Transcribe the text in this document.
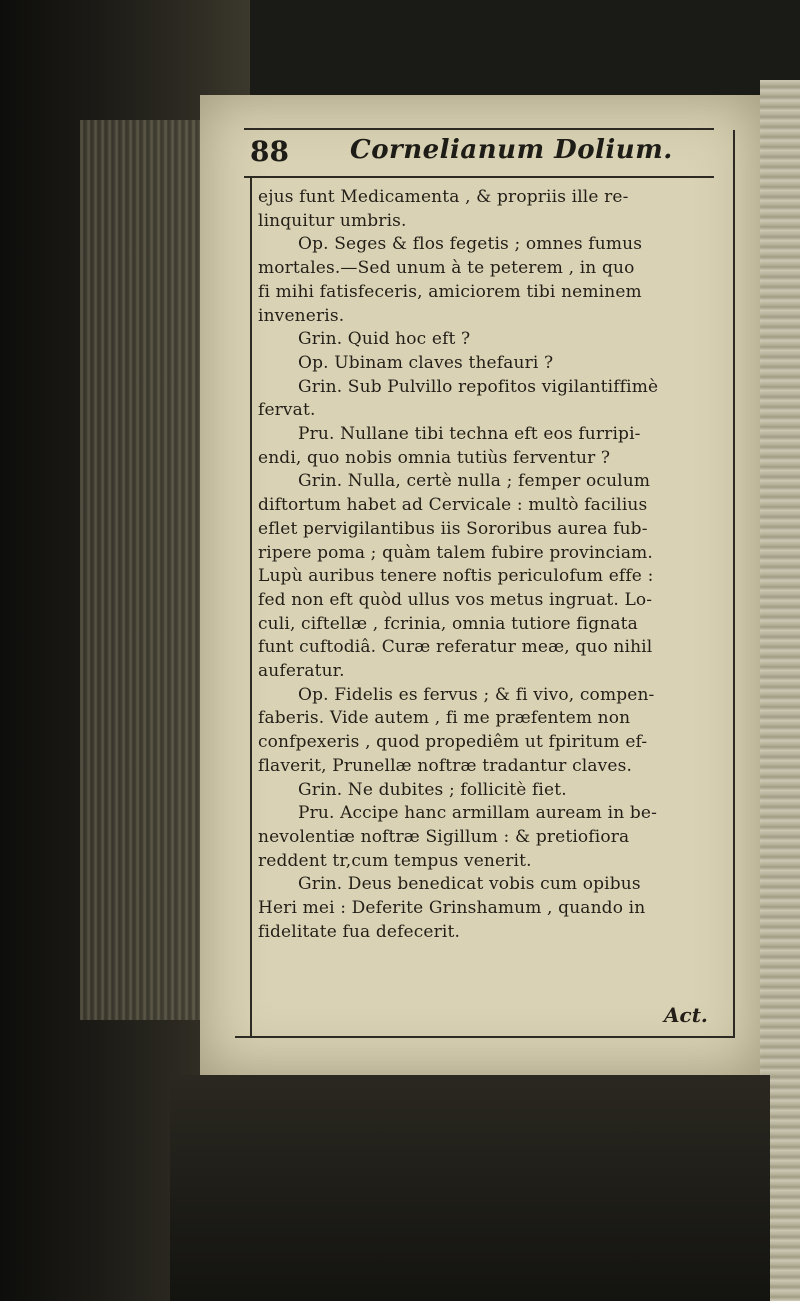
88 Cornelianum Dolium.
ejus funt Medicamenta , & propriis ille re-
linquitur umbris.
Op. Seges & flos fegetis ; omnes fumus
mortales.—Sed unum à te peterem , in quo
fi mihi fatisfeceris, amiciorem tibi neminem
inveneris.
Grin. Quid hoc eft ?
Op. Ubinam claves thefauri ?
Grin. Sub Pulvillo repofitos vigilantiffimè
fervat.
Pru. Nullane tibi techna eft eos furripi-
endi, quo nobis omnia tutiùs ferventur ?
Grin. Nulla, certè nulla ; femper oculum
diftortum habet ad Cervicale : multò facilius
eflet pervigilantibus iis Sororibus aurea fub-
ripere poma ; quàm talem fubire provinciam.
Lupù auribus tenere noftis periculofum effe :
fed non eft quòd ullus vos metus ingruat. Lo-
culi, ciftellæ , fcrinia, omnia tutiore fignata
funt cuftodiâ. Curæ referatur meæ, quo nihil
auferatur.
Op. Fidelis es fervus ; & fi vivo, compen-
faberis. Vide autem , fi me præfentem non
confpexeris , quod propediêm ut fpiritum ef-
flaverit, Prunellæ noftræ tradantur claves.
Grin. Ne dubites ; follicitè fiet.
Pru. Accipe hanc armillam auream in be-
nevolentiæ noftræ Sigillum : & pretiofiora
reddent tr,cum tempus venerit.
Grin. Deus benedicat vobis cum opibus
Heri mei : Deferite Grinshamum , quando in
fidelitate fua defecerit.
Act.
